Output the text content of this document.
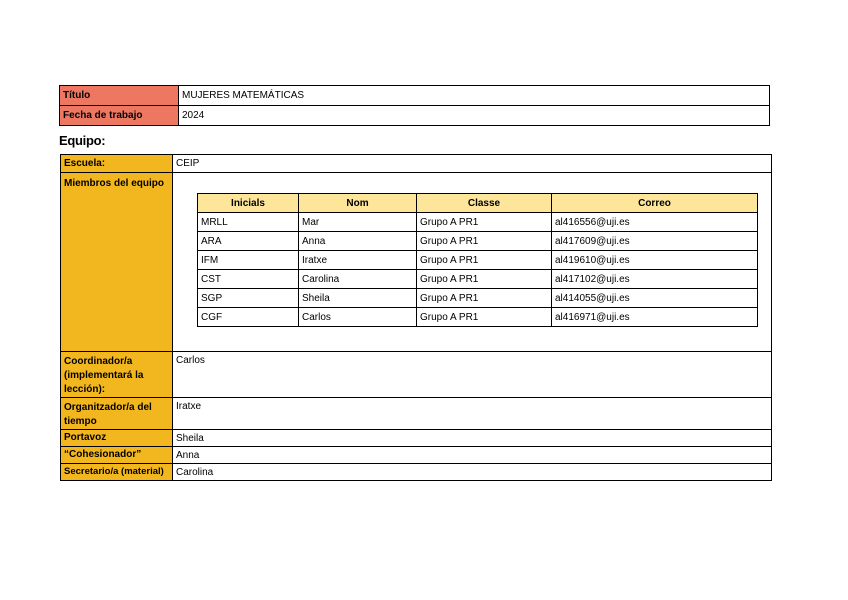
Título	MUJERES MATEMÁTICAS
Fecha de trabajo	2024
Equipo:
Escuela:	CEIP
Miembros del equipo	
Inicials	Nom	Classe	Correo
MRLL	Mar	Grupo A PR1	al416556@uji.es
ARA	Anna	Grupo A PR1	al417609@uji.es
IFM	Iratxe	Grupo A PR1	al419610@uji.es
CST	Carolina	Grupo A PR1	al417102@uji.es
SGP	Sheila	Grupo A PR1	al414055@uji.es
CGF	Carlos	Grupo A PR1	al416971@uji.es

Coordinador/a (implementará la lección):	Carlos
Organitzador/a del tiempo	Iratxe
Portavoz	Sheila
“Cohesionador”	Anna
Secretario/a (material)	Carolina
